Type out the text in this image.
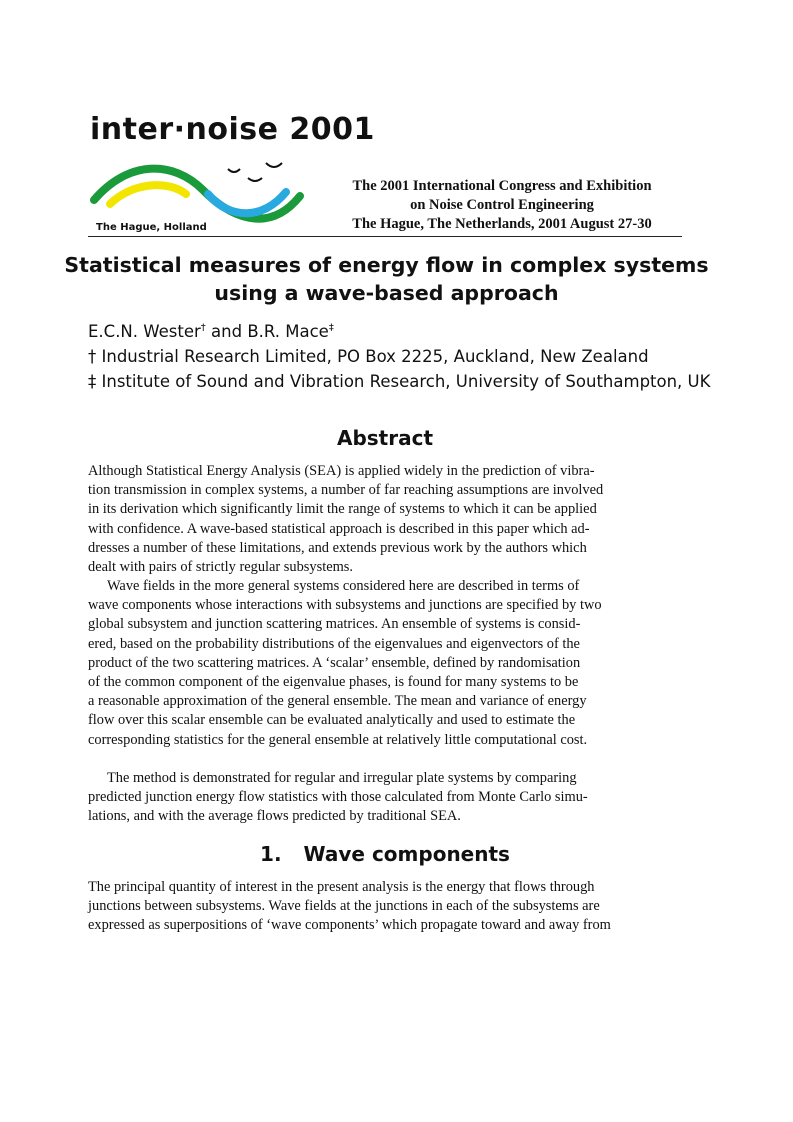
inter·noise 2001
The Hague, Holland
The 2001 International Congress and Exhibition
on Noise Control Engineering
The Hague, The Netherlands, 2001 August 27-30
Statistical measures of energy flow in complex systems
using a wave-based approach
E.C.N. Wester† and B.R. Mace‡
† Industrial Research Limited, PO Box 2225, Auckland, New Zealand
‡ Institute of Sound and Vibration Research, University of Southampton, UK
Abstract
Although Statistical Energy Analysis (SEA) is applied widely in the prediction of vibra-
tion transmission in complex systems, a number of far reaching assumptions are involved
in its derivation which significantly limit the range of systems to which it can be applied
with confidence. A wave-based statistical approach is described in this paper which ad-
dresses a number of these limitations, and extends previous work by the authors which
dealt with pairs of strictly regular subsystems.
Wave fields in the more general systems considered here are described in terms of
wave components whose interactions with subsystems and junctions are specified by two
global subsystem and junction scattering matrices. An ensemble of systems is consid-
ered, based on the probability distributions of the eigenvalues and eigenvectors of the
product of the two scattering matrices. A ‘scalar’ ensemble, defined by randomisation
of the common component of the eigenvalue phases, is found for many systems to be
a reasonable approximation of the general ensemble. The mean and variance of energy
flow over this scalar ensemble can be evaluated analytically and used to estimate the
corresponding statistics for the general ensemble at relatively little computational cost.
The method is demonstrated for regular and irregular plate systems by comparing
predicted junction energy flow statistics with those calculated from Monte Carlo simu-
lations, and with the average flows predicted by traditional SEA.
1. Wave components
The principal quantity of interest in the present analysis is the energy that flows through
junctions between subsystems. Wave fields at the junctions in each of the subsystems are
expressed as superpositions of ‘wave components’ which propagate toward and away from
